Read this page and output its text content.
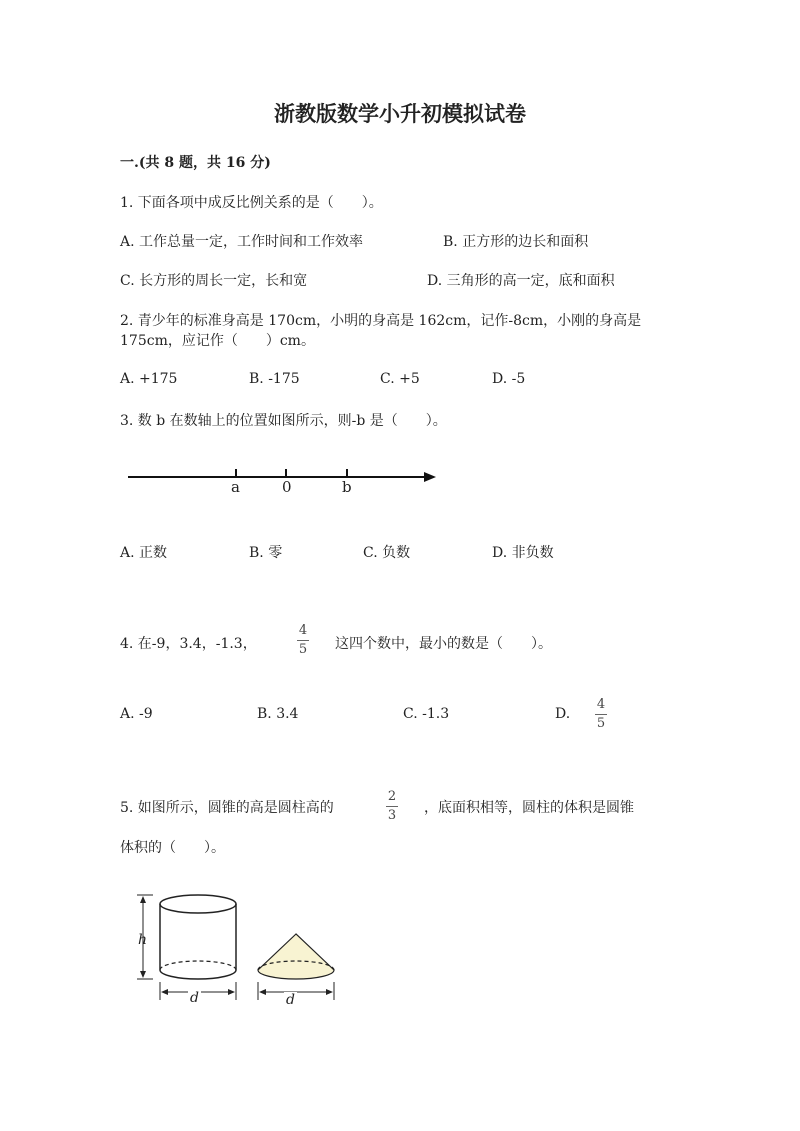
浙教版数学小升初模拟试卷
一.(共 8 题，共 16 分)
1. 下面各项中成反比例关系的是（　　）。
A. 工作总量一定，工作时间和工作效率	B. 正方形的边长和面积
C. 长方形的周长一定，长和宽	D. 三角形的高一定，底和面积
2. 青少年的标准身高是 170cm，小明的身高是 162cm，记作-8cm，小刚的身高是
175cm，应记作（　　）cm。
A. +175	B. -175	C. +5	D. -5
3. 数 b 在数轴上的位置如图所示，则-b 是（　　）。
a	0	b
A. 正数	B. 零	C. 负数	D. 非负数
4. 在-9，3.4，-1.3，
4
5 这四个数中，最小的数是（　　）。
A. -9	B. 3.4	C. -1.3	D.
4
5
5. 如图所示，圆锥的高是圆柱高的
2
3 ，底面积相等，圆柱的体积是圆锥
体积的（　　）。
h
d	d
